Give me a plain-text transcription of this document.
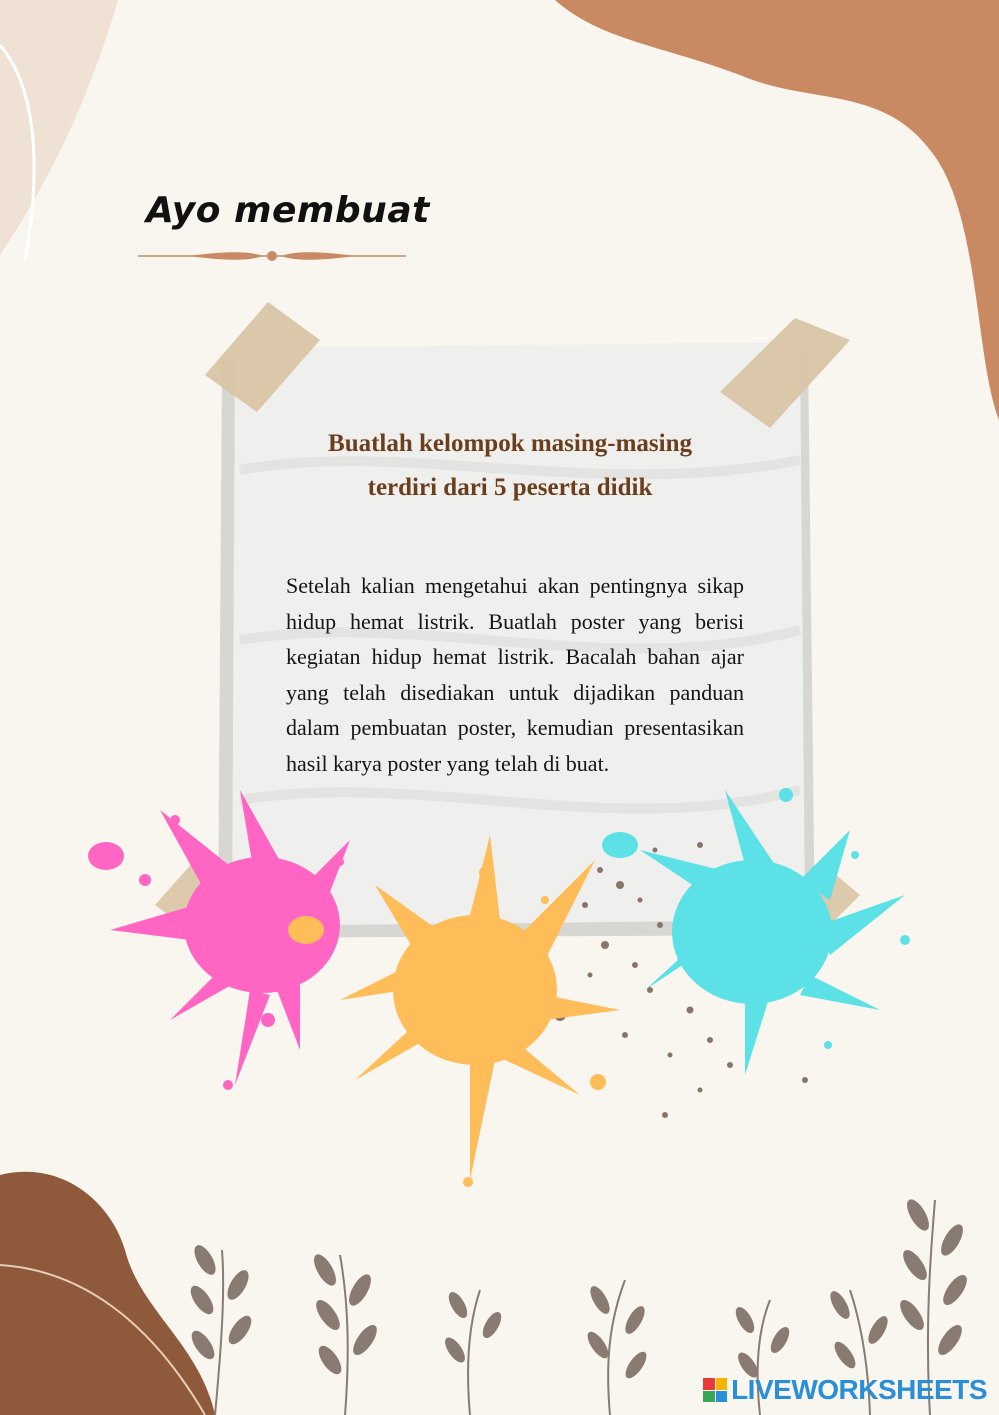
Ayo membuat

Buatlah kelompok masing-masing terdiri dari 5 peserta didik

Setelah kalian mengetahui akan pentingnya sikap hidup hemat listrik. Buatlah poster yang berisi kegiatan hidup hemat listrik. Bacalah bahan ajar yang telah disediakan untuk dijadikan panduan dalam pembuatan poster, kemudian presentasikan hasil karya poster yang telah di buat.

LIVEWORKSHEETS
